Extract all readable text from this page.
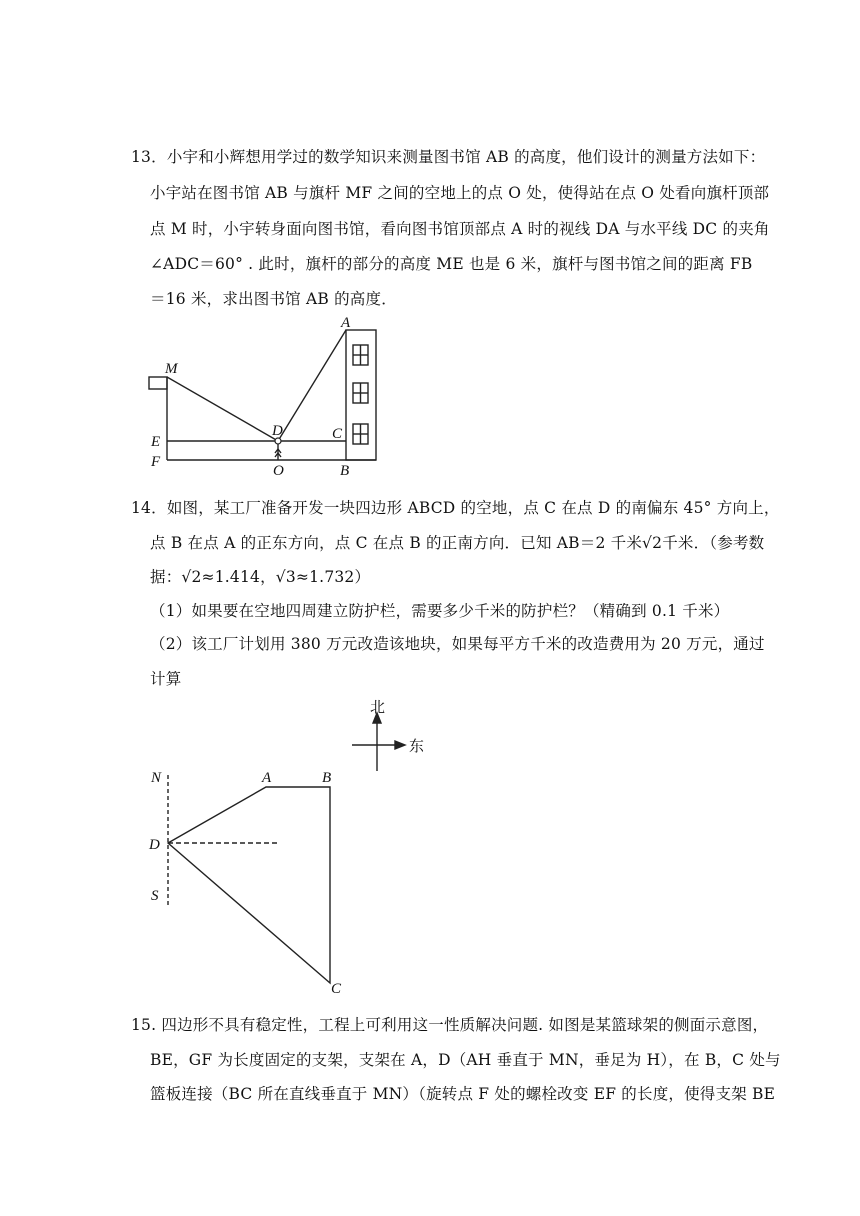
13．小宇和小辉想用学过的数学知识来测量图书馆 AB 的高度，他们设计的测量方法如下：
小宇站在图书馆 AB 与旗杆 MF 之间的空地上的点 O 处，使得站在点 O 处看向旗杆顶部
点 M 时，小宇转身面向图书馆，看向图书馆顶部点 A 时的视线 DA 与水平线 DC 的夹角
∠ADC＝60° . 此时，旗杆的部分的高度 ME 也是 6 米，旗杆与图书馆之间的距离 FB
＝16 米，求出图书馆 AB 的高度．
A
M
D	C
E
F
O	B
14．如图，某工厂准备开发一块四边形 ABCD 的空地，点 C 在点 D 的南偏东 45° 方向上，
点 B 在点 A 的正东方向，点 C 在点 B 的正南方向．已知 AB＝2 千米√2千米．（参考数
据：√2≈1.414，√3≈1.732）
（1）如果要在空地四周建立防护栏，需要多少千米的防护栏？（精确到 0.1 千米）
（2）该工厂计划用 380 万元改造该地块，如果每平方千米的改造费用为 20 万元，通过
计算
北
东
N	A	B
D
S
C
15. 四边形不具有稳定性，工程上可利用这一性质解决问题. 如图是某篮球架的侧面示意图，
BE，GF 为长度固定的支架，支架在 A，D（AH 垂直于 MN，垂足为 H），在 B，C 处与
篮板连接（BC 所在直线垂直于 MN）（旋转点 F 处的螺栓改变 EF 的长度，使得支架 BE
